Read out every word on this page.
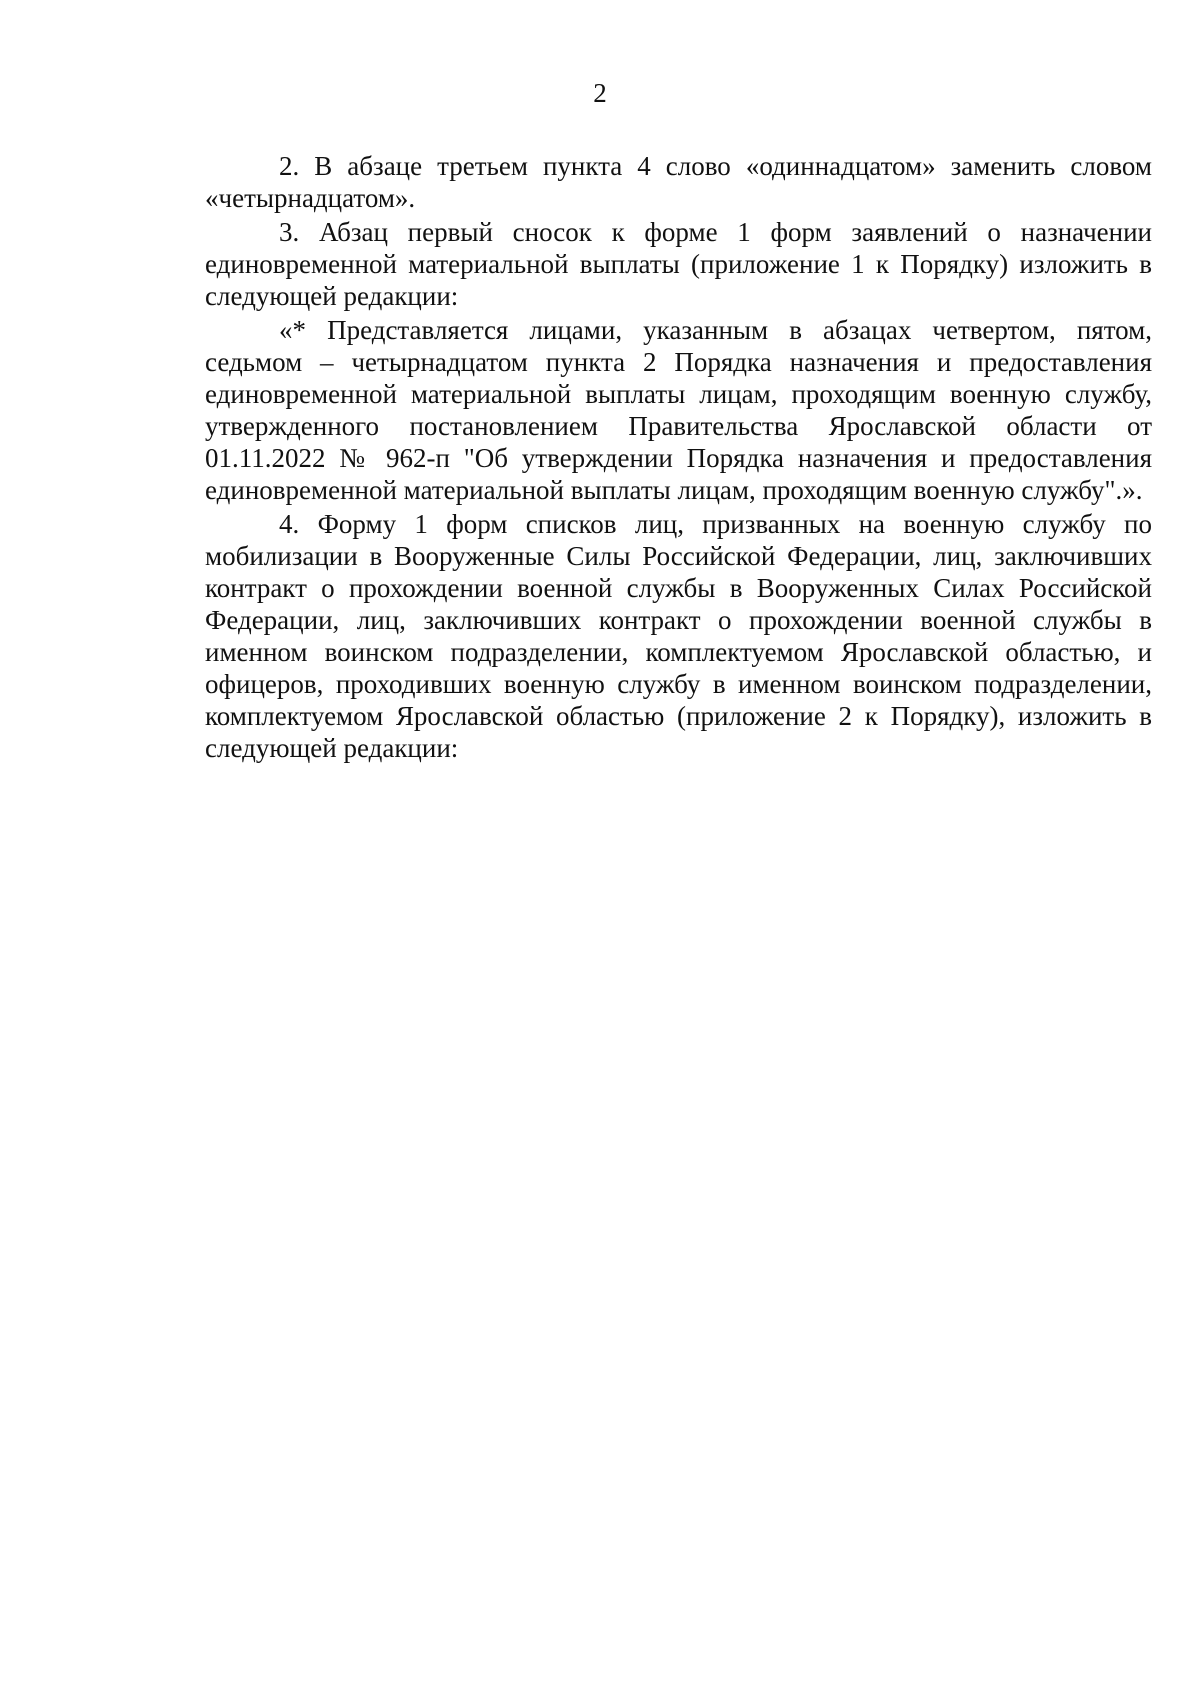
2

2. В абзаце третьем пункта 4 слово «одиннадцатом» заменить словом «четырнадцатом».

3. Абзац первый сносок к форме 1 форм заявлений о назначении единовременной материальной выплаты (приложение 1 к Порядку) изложить в следующей редакции:

«* Представляется лицами, указанным в абзацах четвертом, пятом, седьмом – четырнадцатом пункта 2 Порядка назначения и предоставления единовременной материальной выплаты лицам, проходящим военную службу, утвержденного постановлением Правительства Ярославской области от 01.11.2022 № 962-п "Об утверждении Порядка назначения и предоставления единовременной материальной выплаты лицам, проходящим военную службу".».

4. Форму 1 форм списков лиц, призванных на военную службу по мобилизации в Вооруженные Силы Российской Федерации, лиц, заключивших контракт о прохождении военной службы в Вооруженных Силах Российской Федерации, лиц, заключивших контракт о прохождении военной службы в именном воинском подразделении, комплектуемом Ярославской областью, и офицеров, проходивших военную службу в именном воинском подразделении, комплектуемом Ярославской областью (приложение 2 к Порядку), изложить в следующей редакции:
